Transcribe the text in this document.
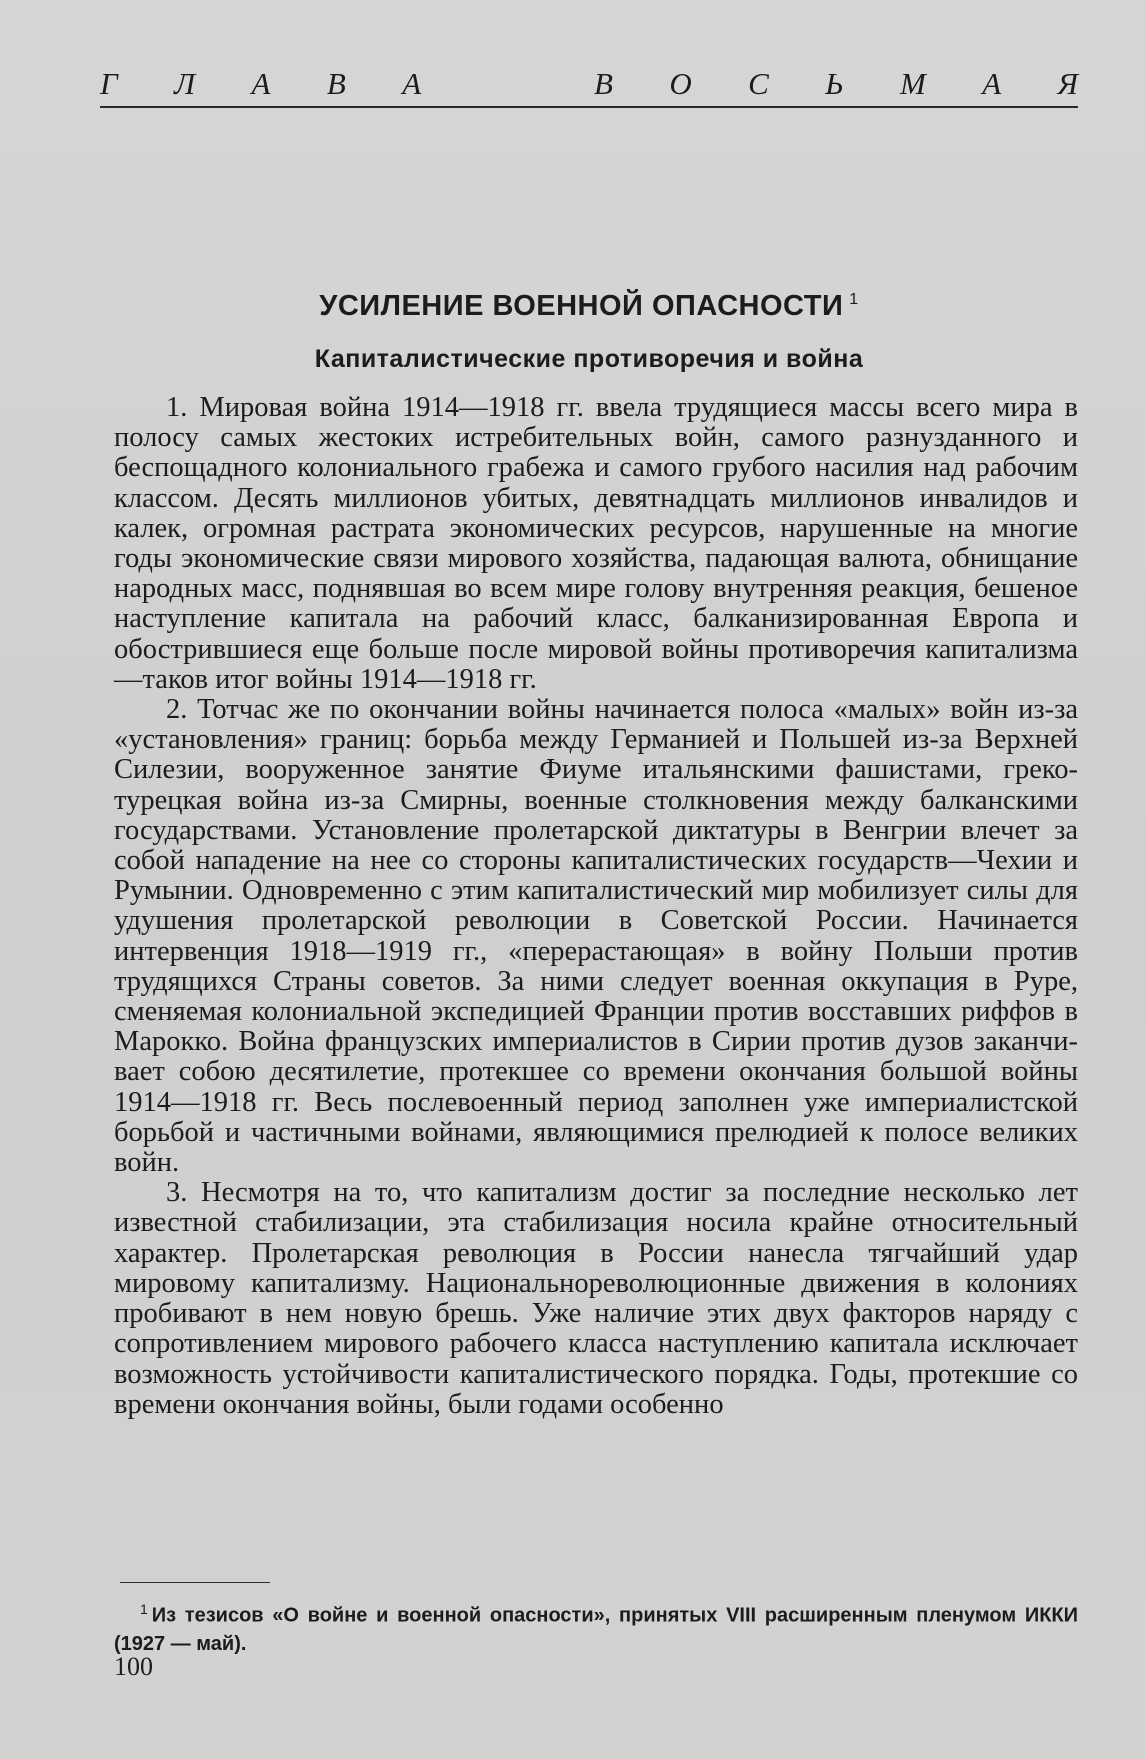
Г Л А В А	В О С Ь М А Я
УСИЛЕНИЕ ВОЕННОЙ ОПАСНОСТИ $^1$
Капиталистические противоречия и война

1. Мировая война 1914—1918 гг. ввела трудящиеся массы всего мира в полосу самых жестоких истребительных войн, самого разнузданного и беспощадного колониального грабежа и самого грубого насилия над рабочим классом. Десять миллионов убитых, девятнадцать миллионов инвалидов и калек, огромная растрата экономических ресурсов, нарушенные на многие годы экономические связи мирового хозяйства, падающая валюта, обнищание народных масс, поднявшая во всем мире голову внутренняя реакция, бешеное наступление капитала на рабочий класс, балканизированная Европа и обострившиеся еще больше после мировой войны противоречия капитализма—таков итог войны 1914—1918 гг.

2. Тотчас же по окончании войны начинается полоса «малых» войн из-за «установления» границ: борьба между Германией и Польшей из-за Верхней Силезии, вооруженное занятие Фиуме итальянскими фашистами, греко-турецкая война из-за Смирны, военные столкновения между балканскими государствами. Установление пролетарской диктатуры в Венгрии влечет за собой нападение на нее со стороны капиталистических государств—Чехии и Румынии. Одновременно с этим капиталистический мир мобилизует силы для удушения пролетарской революции в Советской России. Начинается интервенция 1918—1919 гг., «перерастающая» в войну Польши против трудящихся Страны советов. За ними следует военная оккупация в Руре, сменяемая колониальной экспедицией Франции против восставших риффов в Марокко. Война французских империалистов в Сирии против дузов заканчивает собою десятилетие, протекшее со времени окончания большой войны 1914—1918 гг. Весь послевоенный период заполнен уже империалистской борьбой и частичными войнами, являющимися прелюдией к полосе великих войн.

3. Несмотря на то, что капитализм достиг за последние несколько лет известной стабилизации, эта стабилизация носила крайне относительный характер. Пролетарская революция в России нанесла тягчайший удар мировому капитализму. Национальнореволюционные движения в колониях пробивают в нем новую брешь. Уже наличие этих двух факторов наряду с сопротивлением мирового рабочего класса наступлению капитала исключает возможность устойчивости капиталистического порядка. Годы, протекшие со времени окончания войны, были годами особенно

$^1$ Из тезисов «О войне и военной опасности», принятых VIII расширенным пленумом ИККИ (1927 — май).

100
